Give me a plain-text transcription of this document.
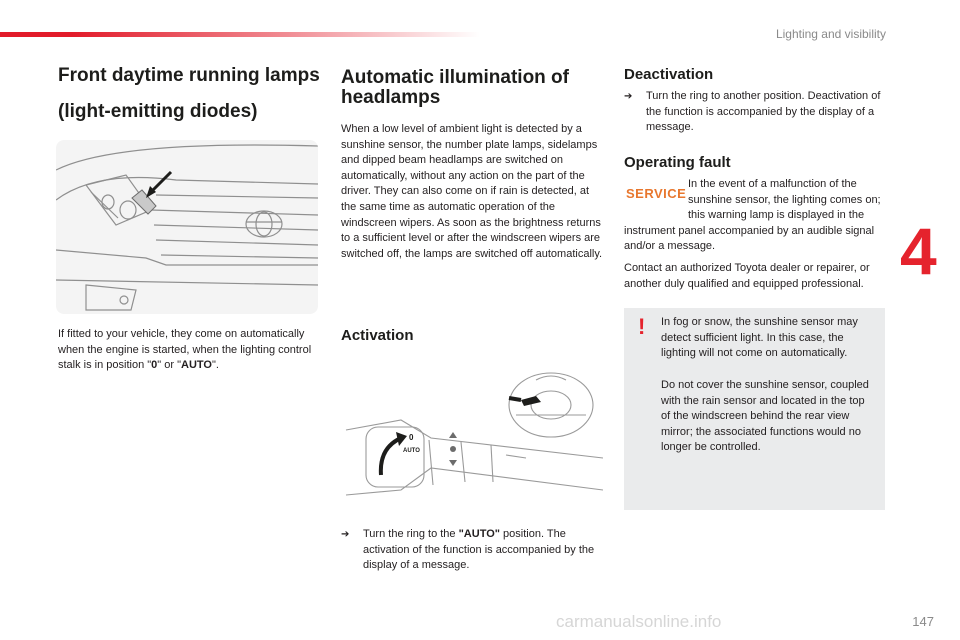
Lighting and visibility
Front daytime running lamps
(light-emitting diodes)

If fitted to your vehicle, they come on automatically when the engine is started, when the lighting control stalk is in position "0" or "AUTO".

Automatic illumination of headlamps

When a low level of ambient light is detected by a sunshine sensor, the number plate lamps, sidelamps and dipped beam headlamps are switched on automatically, without any action on the part of the driver. They can also come on if rain is detected, at the same time as automatic operation of the windscreen wipers. As soon as the brightness returns to a sufficient level or after the windscreen wipers are switched off, the lamps are switched off automatically.

Activation
0
AUTO
➔	Turn the ring to the "AUTO" position. The activation of the function is accompanied by the display of a message.
Deactivation
➔	Turn the ring to another position. Deactivation of the function is accompanied by the display of a message.
Operating fault
SERVICE

In the event of a malfunction of the sunshine sensor, the lighting comes on; this warning lamp is displayed in the instrument panel accompanied by an audible signal and/or a message.

Contact an authorized Toyota dealer or repairer, or another duly qualified and equipped professional.

! In fog or snow, the sunshine sensor may detect sufficient light. In this case, the lighting will not come on automatically.

Do not cover the sunshine sensor, coupled with the rain sensor and located in the top of the windscreen behind the rear view mirror; the associated functions would no longer be controlled.

4
carmanualsonline.info	147
